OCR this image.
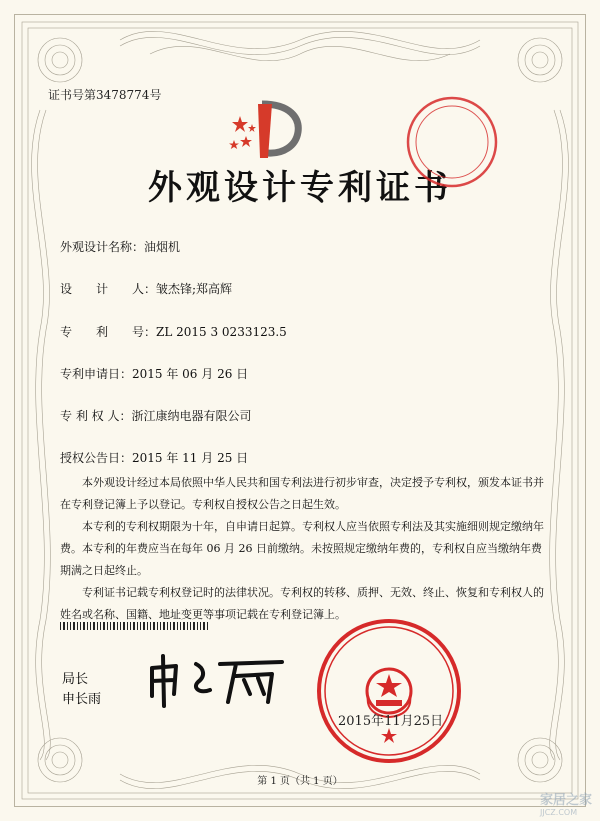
证书号第3478774号
外观设计专利证书
外观设计名称：油烟机
设　　计　　人：皱杰锋;郑高辉
专　　利　　号：ZL 2015 3 0233123.5
专利申请日：2015 年 06 月 26 日
专 利 权 人：浙江康纳电器有限公司
授权公告日：2015 年 11 月 25 日

本外观设计经过本局依照中华人民共和国专利法进行初步审查，决定授予专利权，颁发本证书并在专利登记簿上予以登记。专利权自授权公告之日起生效。

本专利的专利权期限为十年，自申请日起算。专利权人应当依照专利法及其实施细则规定缴纳年费。本专利的年费应当在每年 06 月 26 日前缴纳。未按照规定缴纳年费的，专利权自应当缴纳年费期满之日起终止。

专利证书记载专利权登记时的法律状况。专利权的转移、质押、无效、终止、恢复和专利权人的姓名或名称、国籍、地址变更等事项记载在专利登记簿上。

局长
申长雨
2015年11月25日
第 1 页（共 1 页）
家居之家
JJCZ.COM
